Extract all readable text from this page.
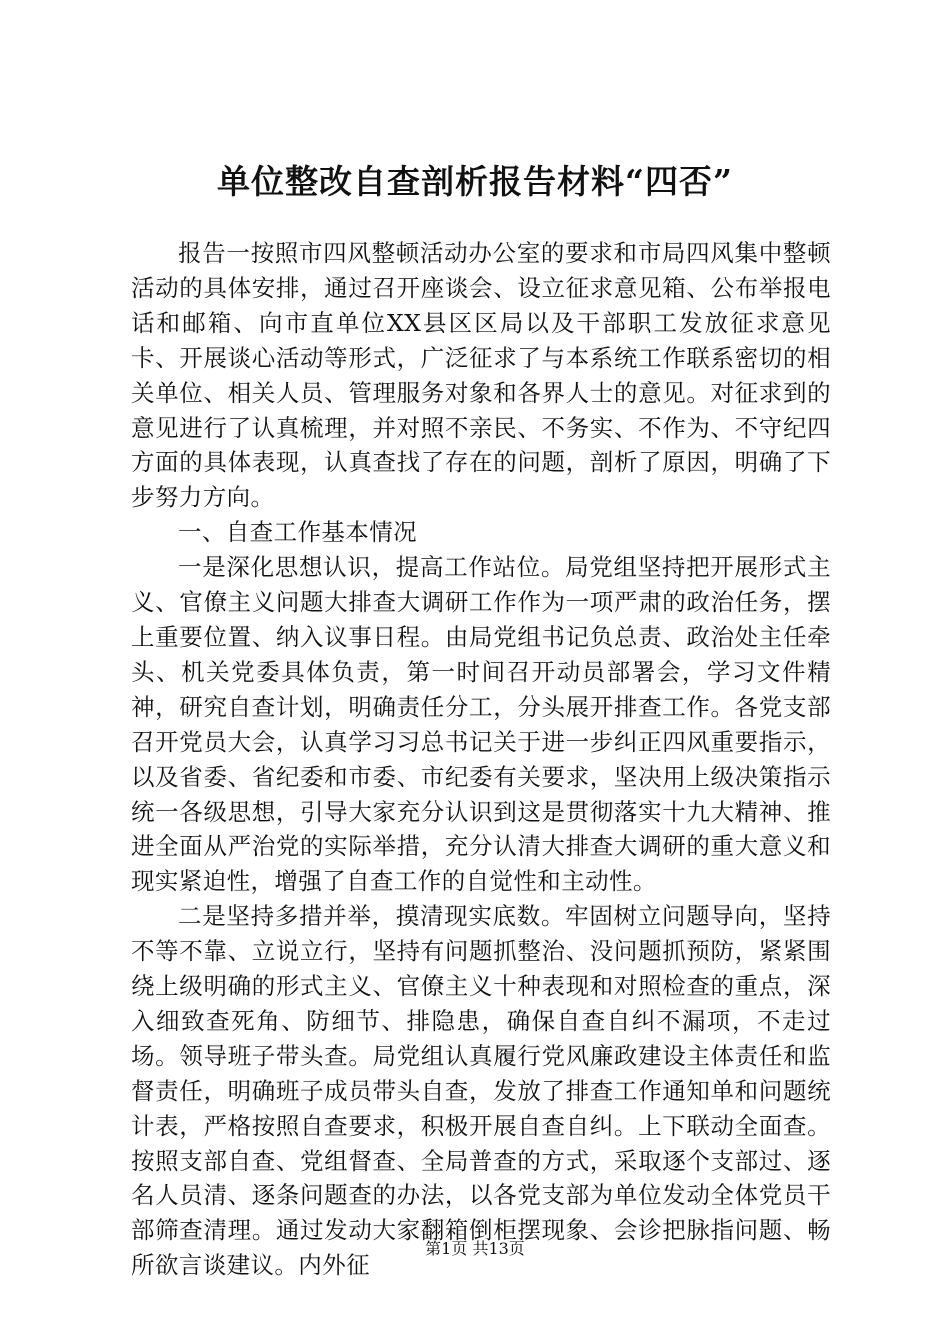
单位整改自查剖析报告材料“四否”

报告一按照市四风整顿活动办公室的要求和市局四风集中整顿活动的具体安排，通过召开座谈会、设立征求意见箱、公布举报电话和邮箱、向市直单位XX县区区局以及干部职工发放征求意见卡、开展谈心活动等形式，广泛征求了与本系统工作联系密切的相关单位、相关人员、管理服务对象和各界人士的意见。对征求到的意见进行了认真梳理，并对照不亲民、不务实、不作为、不守纪四方面的具体表现，认真查找了存在的问题，剖析了原因，明确了下步努力方向。

一、自查工作基本情况

一是深化思想认识，提高工作站位。局党组坚持把开展形式主义、官僚主义问题大排查大调研工作作为一项严肃的政治任务，摆上重要位置、纳入议事日程。由局党组书记负总责、政治处主任牵头、机关党委具体负责，第一时间召开动员部署会，学习文件精神，研究自查计划，明确责任分工，分头展开排查工作。各党支部召开党员大会，认真学习习总书记关于进一步纠正四风重要指示，以及省委、省纪委和市委、市纪委有关要求，坚决用上级决策指示统一各级思想，引导大家充分认识到这是贯彻落实十九大精神、推进全面从严治党的实际举措，充分认清大排查大调研的重大意义和现实紧迫性，增强了自查工作的自觉性和主动性。

二是坚持多措并举，摸清现实底数。牢固树立问题导向，坚持不等不靠、立说立行，坚持有问题抓整治、没问题抓预防，紧紧围绕上级明确的形式主义、官僚主义十种表现和对照检查的重点，深入细致查死角、防细节、排隐患，确保自查自纠不漏项，不走过场。领导班子带头查。局党组认真履行党风廉政建设主体责任和监督责任，明确班子成员带头自查，发放了排查工作通知单和问题统计表，严格按照自查要求，积极开展自查自纠。上下联动全面查。按照支部自查、党组督查、全局普查的方式，采取逐个支部过、逐名人员清、逐条问题查的办法，以各党支部为单位发动全体党员干部筛查清理。通过发动大家翻箱倒柜摆现象、会诊把脉指问题、畅所欲言谈建议。内外征

第1页 共13页
